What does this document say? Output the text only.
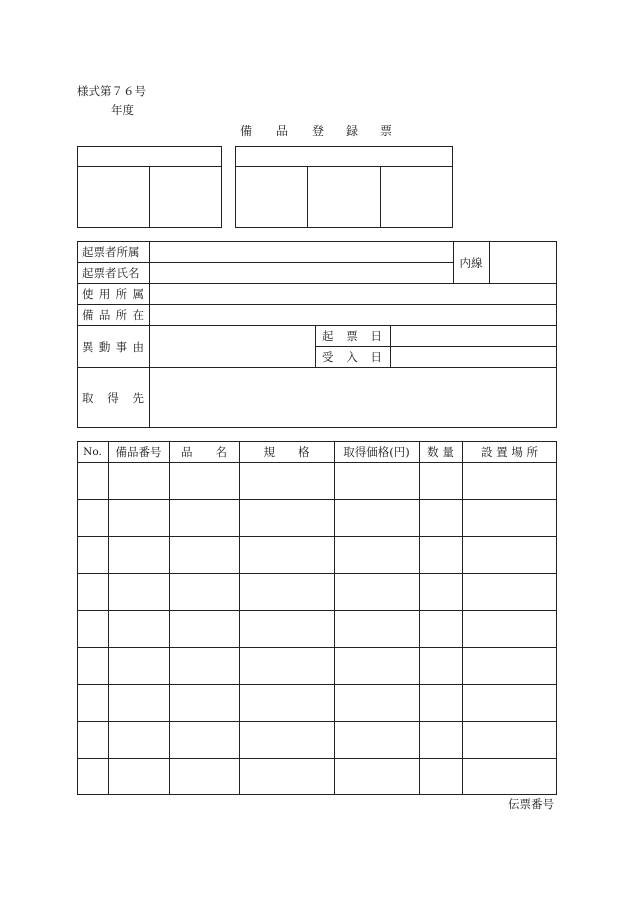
様式第７６号
年度
備 品 登 録 票
起票者所属
起票者氏名
内線
使 用 所 属
備 品 所 在
異 動 事 由
起 票 日
受 入 日
取 得 先
No.	備品番号	品　　名	規　　格	取得価格(円)	数 量	設 置 場 所
伝票番号
